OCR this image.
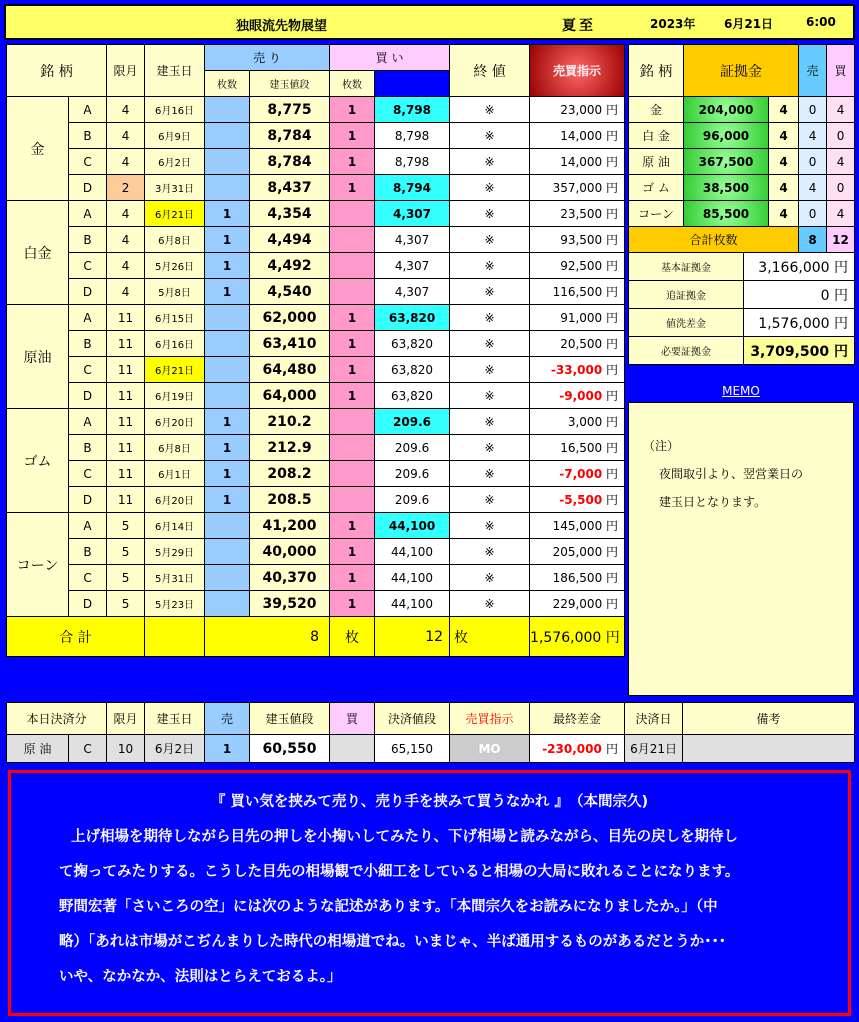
独眼流先物展望	夏至	2023年 6月21日	6:00
銘 柄		限月	建玉日	売 り		買 い		終 値	売買指示	
				枚数	建玉値段	枚数				
金	A	4	6月16日		8,775	1	8,798	※	23,000 円	
	B	4	6月9日		8,784	1	8,798	※	14,000 円	
	C	4	6月2日		8,784	1	8,798	※	14,000 円	
	D	2	3月31日		8,437	1	8,794	※	357,000 円	
白金	A	4	6月21日	1	4,354		4,307	※	23,500 円	
	B	4	6月8日	1	4,494		4,307	※	93,500 円	
	C	4	5月26日	1	4,492		4,307	※	92,500 円	
	D	4	5月8日	1	4,540		4,307	※	116,500 円	
原油	A	11	6月15日		62,000	1	63,820	※	91,000 円	
	B	11	6月16日		63,410	1	63,820	※	20,500 円	
	C	11	6月21日		64,480	1	63,820	※	-33,000 円	
	D	11	6月19日		64,000	1	63,820	※	-9,000 円	
ゴム	A	11	6月20日	1	210.2		209.6	※	3,000 円	
	B	11	6月8日	1	212.9		209.6	※	16,500 円	
	C	11	6月1日	1	208.2		209.6	※	-7,000 円	
	D	11	6月20日	1	208.5		209.6	※	-5,500 円	
コーン	A	5	6月14日		41,200	1	44,100	※	145,000 円	
	B	5	5月29日		40,000	1	44,100	※	205,000 円	
	C	5	5月31日		40,370	1	44,100	※	186,500 円	
	D	5	5月23日		39,520	1	44,100	※	229,000 円	
合 計				8		枚	12	枚	1,576,000 円	
銘 柄	証拠金			売	買
金	204,000		4	0	4
白 金	96,000		4	4	0
原 油	367,500		4	0	4
ゴ ム	38,500		4	4	0
コーン	85,500		4	0	4
合計枚数				8	12
基本証拠金		3,166,000 円			
追証拠金		0 円			
値洗差金		1,576,000 円			
必要証拠金		3,709,500 円			
MEMO
（注）
夜間取引より、翌営業日の
建玉日となります。
本日決済分		限月	建玉日	売	建玉値段	買	決済値段	売買指示	最終差金	決済日	備考
原 油	C	10	6月2日	1	60,550		65,150	MO	-230,000 円	6月21日	

『 買い気を挟みて売り、売り手を挟みて買うなかれ 』　（本間宗久)

上げ相場を期待しながら目先の押しを小掬いしてみたり、下げ相場と読みながら、目先の戻しを期待し

て掬ってみたりする。こうした目先の相場観で小細工をしていると相場の大局に敗れることになります。

野間宏著「さいころの空」には次のような記述があります。「本間宗久をお読みになりましたか。」（中

略）「あれは市場がこぢんまりした時代の相場道でね。いまじゃ、半ば通用するものがあるだとうか･･･

いや、なかなか、法則はとらえておるよ。」
